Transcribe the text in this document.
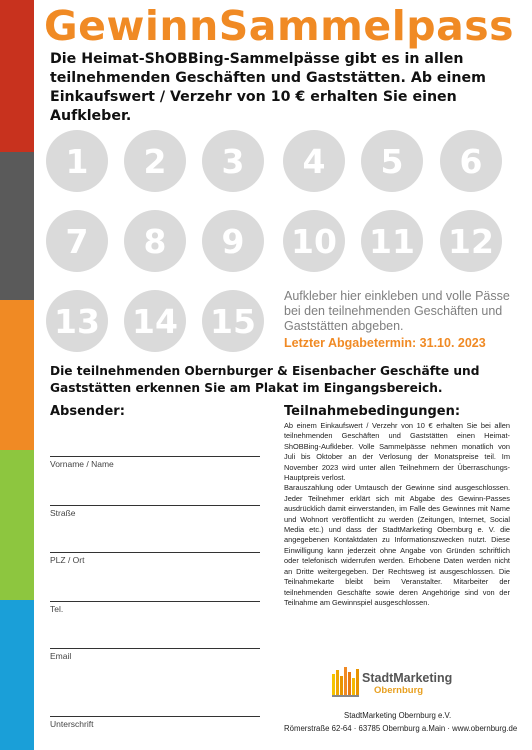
GewinnSammelpass
Die Heimat-ShOBBing-Sammelpässe gibt es in allen teilnehmenden Geschäften und Gaststätten. Ab einem Einkaufswert / Verzehr von 10 € erhalten Sie einen Aufkleber.
1 2 3 4 5 6
7 8 9 10 11 12
13 14 15
Aufkleber hier einkleben und volle Pässe bei den teilnehmenden Geschäften und Gaststätten abgeben.
Letzter Abgabetermin: 31.10. 2023
Die teilnehmenden Obernburger & Eisenbacher Geschäfte und Gaststätten erkennen Sie am Plakat im Eingangsbereich.
Absender:
Vorname / Name
Straße
PLZ / Ort
Tel.
Email
Unterschrift
Teilnahmebedingungen:

Ab einem Einkaufswert / Verzehr von 10 € erhalten Sie bei allen teilnehmenden Geschäften und Gaststätten einen Heimat-ShOBBing-Aufkleber. Volle Sammelpässe nehmen monatlich von Juli bis Oktober an der Verlosung der Monatspreise teil. Im November 2023 wird unter allen Teilnehmern der Überraschungs-Hauptpreis verlost.

Barauszahlung oder Umtausch der Gewinne sind ausgeschlossen. Jeder Teilnehmer erklärt sich mit Abgabe des Gewinn-Passes ausdrücklich damit einverstanden, im Falle des Gewinnes mit Name und Wohnort veröffentlicht zu werden (Zeitungen, Internet, Social Media etc.) und dass der StadtMarketing Obernburg e. V. die angegebenen Kontaktdaten zu Informationszwecken nutzt. Diese Einwilligung kann jederzeit ohne Angabe von Gründen schriftlich oder telefonisch widerrufen werden. Erhobene Daten werden nicht an Dritte weitergegeben. Der Rechtsweg ist ausgeschlossen. Die Teilnahmekarte bleibt beim Veranstalter. Mitarbeiter der teilnehmenden Geschäfte sowie deren Angehörige sind von der Teilnahme am Gewinnspiel ausgeschlossen.

StadtMarketing
Obernburg
StadtMarketing Obernburg e.V.
Römerstraße 62-64 · 63785 Obernburg a.Main · www.obernburg.de
